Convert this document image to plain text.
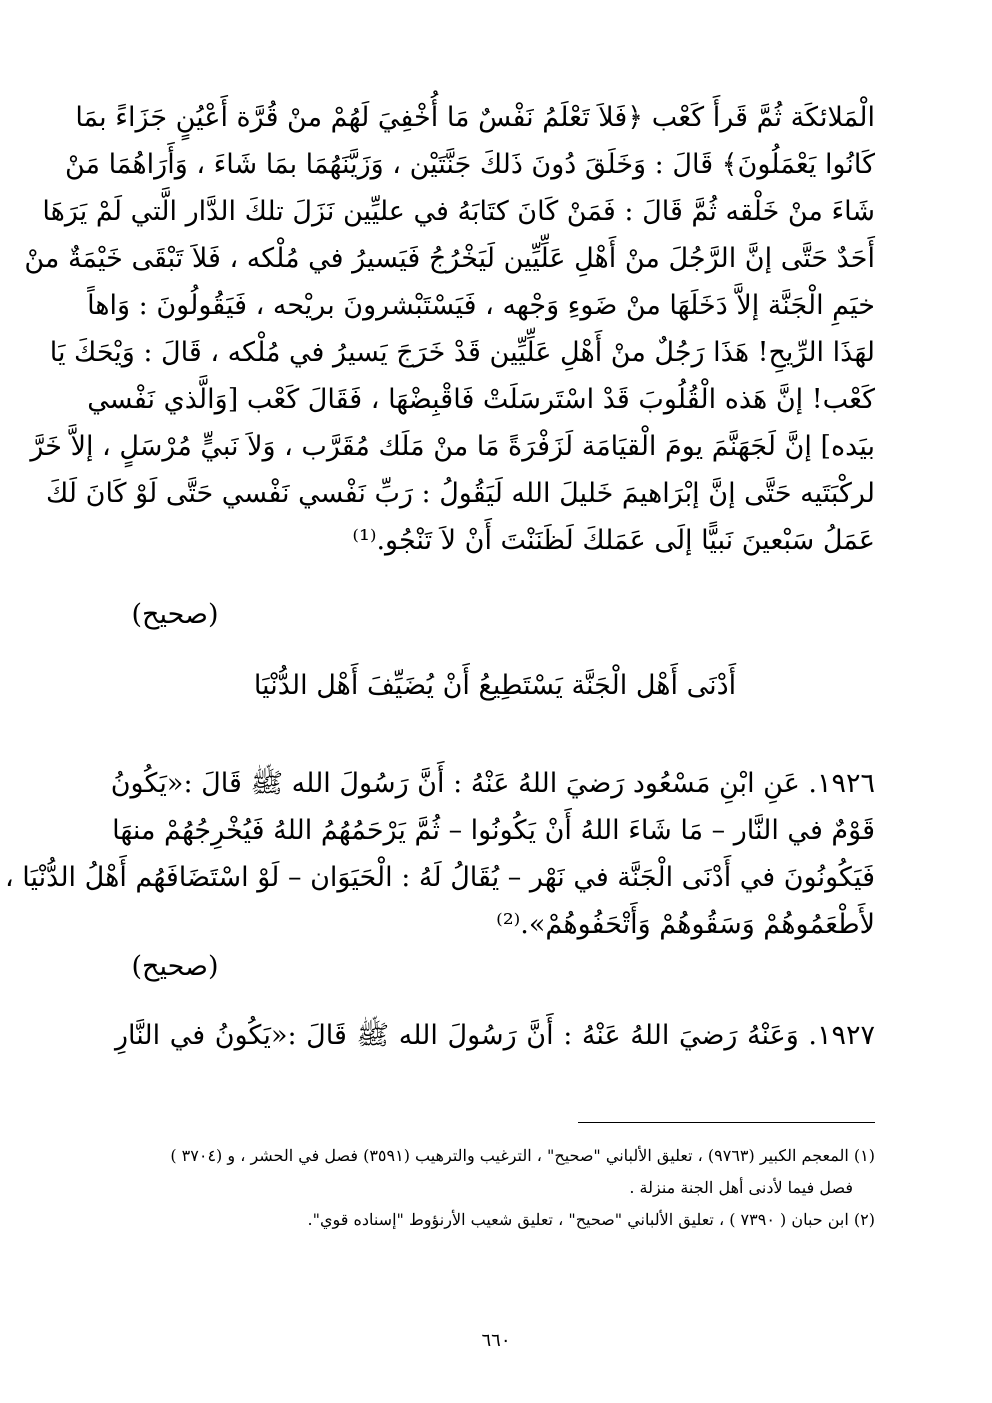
الْمَلائكَة ثُمَّ قَرأَ كَعْب ﴿فَلاَ تَعْلَمُ نَفْسٌ مَا أُخْفِيَ لَهُمْ منْ قُرَّة أَعْيُنٍ جَزَاءً بمَا
كَانُوا يَعْمَلُونَ﴾ قَالَ : وَخَلَقَ دُونَ ذَلكَ جَنَّتَيْن ، وَزَيَّنَهُمَا بمَا شَاءَ ، وَأَرَاهُمَا مَنْ
شَاءَ منْ خَلْقه ثُمَّ قَالَ : فَمَنْ كَانَ كتَابَهُ في عليِّين نَزَلَ تلكَ الدَّار الَّتي لَمْ يَرَهَا
أَحَدٌ حَتَّى إنَّ الرَّجُلَ منْ أَهْلِ عَلِّيِّين لَيَخْرُجُ فَيَسيرُ في مُلْكه ، فَلاَ تَبْقَى خَيْمَةٌ منْ
خيَمِ الْجَنَّة إلاَّ دَخَلَهَا منْ ضَوءِ وَجْهه ، فَيَسْتَبْشرونَ بريْحه ، فَيَقُولُونَ : وَاهاً
لهَذَا الرِّيحِ! هَذَا رَجُلٌ منْ أَهْلِ عَلِّيِّين قَدْ خَرَجَ يَسيرُ في مُلْكه ، قَالَ : وَيْحَكَ يَا
كَعْب! إنَّ هَذه الْقُلُوبَ قَدْ اسْتَرسَلَتْ فَاقْبِضْهَا ، فَقَالَ كَعْب [وَالَّذي نَفْسي
بيَده] إنَّ لَجَهَنَّمَ يومَ الْقيَامَة لَزَفْرَةً مَا منْ مَلَك مُقَرَّب ، وَلاَ نَبيٍّ مُرْسَلٍ ، إلاَّ خَرَّ
لركْبَتَيه حَتَّى إنَّ إبْرَاهيمَ خَليلَ الله لَيَقُولُ : رَبِّ نَفْسي نَفْسي حَتَّى لَوْ كَانَ لَكَ
عَمَلُ سَبْعينَ نَبيًّا إلَى عَمَلكَ لَظَنَنْتَ أَنْ لاَ تَنْجُو.⁽¹⁾
(صحيح)
أَدْنَى أَهْل الْجَنَّة يَسْتَطِيعُ أَنْ يُضَيِّفَ أَهْل الدُّنْيَا
١٩٢٦. عَنِ ابْنِ مَسْعُود رَضيَ اللهُ عَنْهُ : أَنَّ رَسُولَ الله ﷺ قَالَ :«يَكُونُ
قَوْمٌ في النَّار – مَا شَاءَ اللهُ أَنْ يَكُونُوا – ثُمَّ يَرْحَمُهُمُ اللهُ فَيُخْرِجُهُمْ منهَا
فَيَكُونُونَ في أَدْنَى الْجَنَّة في نَهْر – يُقَالُ لَهُ : الْحَيَوَان – لَوْ اسْتَضَافَهُم أَهْلُ الدُّنْيَا ،
لأَطْعَمُوهُمْ وَسَقُوهُمْ وَأَتْحَفُوهُمْ».⁽²⁾
(صحيح)
١٩٢٧. وَعَنْهُ رَضيَ اللهُ عَنْهُ : أَنَّ رَسُولَ الله ﷺ قَالَ :«يَكُونُ في النَّارِ
(١) المعجم الكبير (٩٧٦٣) ، تعليق الألباني "صحيح" ، الترغيب والترهيب (٣٥٩١) فصل في الحشر ، و (٣٧٠٤ )
فصل فيما لأدنى أهل الجنة منزلة .
(٢) ابن حبان ( ٧٣٩٠ ) ، تعليق الألباني "صحيح" ، تعليق شعيب الأرنؤوط "إسناده قوي".
٦٦٠
